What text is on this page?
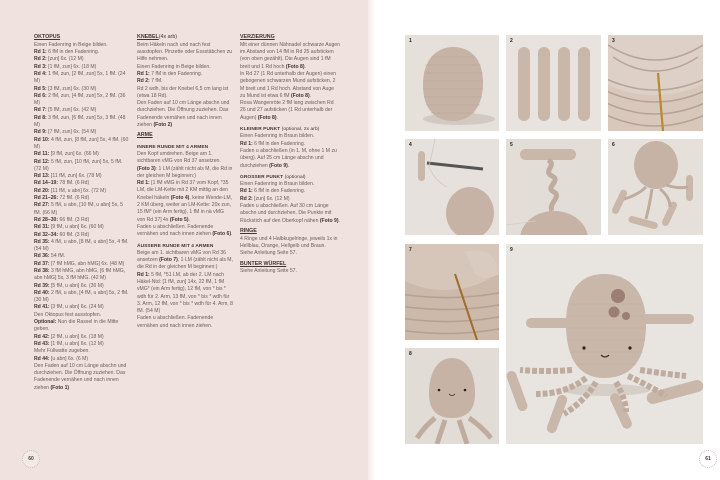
OKTOPUS
Einen Fadenring in Beige bilden.
Rd 1: 6 fM in den Fadenring.
Rd 2: [zun] 6x. (12 M)
Rd 3: [1 fM, zun] 6x. (18 M)
Rd 4: 1 fM, zun, [2 fM, zun] 5x, 1 fM. (24 M)
Rd 5: [3 fM, zun] 6x. (30 M)
Rd 6: 2 fM, zun, [4 fM, zun] 5x, 2 fM. (36 M)
Rd 7: [5 fM, zun] 6x. (42 M)
Rd 8: 3 fM, zun, [6 fM, zun] 5x, 3 fM. (48 M)
Rd 9: [7 fM, zun] 6x. (54 M)
Rd 10: 4 fM, zun, [8 fM, zun] 5x, 4 fM. (60 M)
Rd 11: [9 fM, zun] 6x. (66 M)
Rd 12: 5 fM, zun, [10 fM, zun] 5x, 5 fM. (72 M)
Rd 13: [11 fM, zun] 6x. (78 M)
Rd 14–19: 78 fM. (6 Rd)
Rd 20: [11 fM, u abn] 6x. (72 M)
Rd 21–26: 72 fM. (6 Rd)
Rd 27: 5 fM, u abn, [10 fM, u abn] 5x, 5 fM. (66 M)
Rd 28–30: 66 fM. (3 Rd)
Rd 31: [9 fM, u abn] 6x. (60 M)
Rd 32–34: 60 fM. (3 Rd)
Rd 35: 4 fM, u abn, [8 fM, u abn] 5x, 4 fM. (54 M)
Rd 36: 54 fM.
Rd 37: [7 fM hMG, abn hMG] 6x. (48 M)
Rd 38: 3 fM hMG, abn hMG, [6 fM hMG, abn hMG] 5x, 3 fM hMG. (42 M)
Rd 39: [5 fM, u abn] 6x. (36 M)
Rd 40: 2 fM, u abn, [4 fM, u abn] 5x, 2 fM. (30 M)
Rd 41: [3 fM, u abn] 6x. (24 M)
Den Oktopus fest ausstopfen.
Optional: Nun die Rassel in die Mitte geben.
Rd 42: [2 fM, u abn] 6x. (18 M)
Rd 43: [1 fM, u abn] 6x. (12 M)
Mehr Füllwatte zugeben.
Rd 44: [u abn] 6x. (6 M)
Den Faden auf 10 cm Länge abschn und durchziehen. Die Öffnung zuziehen. Das Fadenende vernähen und nach innen ziehen (Foto 1)
KNEBEL(4x arb)
Beim Häkeln nach und nach fest ausstopfen. Pinzette oder Essstäbchen zu Hilfe nehmen.
Einen Fadenring in Beige bilden.
Rd 1: 7 fM in den Fadenring.
Rd 2: 7 fM.
Rd 2 wdh, bis der Knebel 6,5 cm lang ist (etwa 18 Rd).
Den Faden auf 10 cm Länge abschn und durchziehen. Die Öffnung zuziehen. Das Fadenende vernähen und nach innen ziehen (Foto 2)
ARME
INNERE RUNDE MIT 4 ARMEN
Den Kopf umdrehen. Beige am 1. sichtbaren vMG von Rd 37 ansetzen. (Foto 3): 1 LM (zählt nicht als M, die Rd in der gleichen M beginnen:)
Rd 1: [1 fM vMG in Rd 37 vom Kopf, *35 LM, die LM-Kette mit 2 KM mittig an den Knebel häkeln (Foto 4), keine Wende-LM, 2 KM überg, weiter an LM-Kette: 20x zun, 15 fM* (ein Arm fertig), 1 fM in nä vMG von Rd 37] 4x (Foto 5).
Faden u abschließen. Fadenende vernähen und nach innen ziehen (Foto 6).
ÄUSSERE RUNDE MIT 4 ARMEN
Beige am 1. sichtbaren vMG von Rd 36 ansetzen (Foto 7). 1 LM (zählt nicht als M, die Rd in der gleichen M beginnen:)
Rd 1: 5 fM, *51 LM, ab der 2. LM nach Häkel-Ntd: [1 fM, zun] 14x, 22 fM, 1 fM vMG* (ein Arm fertig), 12 fM, von * bis * wdh für 2. Arm, 13 fM, von * bis * wdh für 3. Arm, 12 fM, von * bis * wdh für 4. Arm, 8 fM. (54 M)
Faden u abschließen. Fadenende vernähen und nach innen ziehen.
VERZIERUNG
Mit einer dünnen Nähnadel schwarze Augen im Abstand von 14 fM in Rd 25 aufsticken (von oben gezählt). Die Augen sind 1 fM breit und 1 Rd hoch (Foto 8).
In Rd 27 (1 Rd unterhalb der Augen) einen gebogenen schwarzen Mund aufsticken, 2 M breit und 1 Rd hoch. Abstand von Auge zu Mund ist etwa 6 fM (Foto 8).
Rosa Wangenröte 2 fM lang zwischen Rd 26 und 27 aufsticken (1 Rd unterhalb der Augen) (Foto 8).
KLEINER PUNKT (optional, 2x arb)
Einen Fadenring in Braun bilden.
Rd 1: 6 fM in den Fadenring.
Faden u abschließen (in 1. M, ohne 1 M zu überg). Auf 25 cm Länge abschn und durchziehen (Foto 9).
GROSSER PUNKT (optional)
Einen Fadenring in Braun bilden.
Rd 1: 6 fM in den Fadenring.
Rd 2: [zun] 6x. (12 M)
Faden u abschließen. Auf 30 cm Länge abschn und durchziehen. Die Punkte mit Rückstich auf den Oberkopf nähen (Foto 9).
RINGE
4 Ringe und 4 Halbkugelringe, jeweils 1x in Hellblau, Orange, Hellgelb und Braun. Siehe Anleitung Seite 57.
BUNTER WÜRFEL
Siehe Anleitung Seite 57.
60
1	2	3
4	5	6
7
8
9
61
